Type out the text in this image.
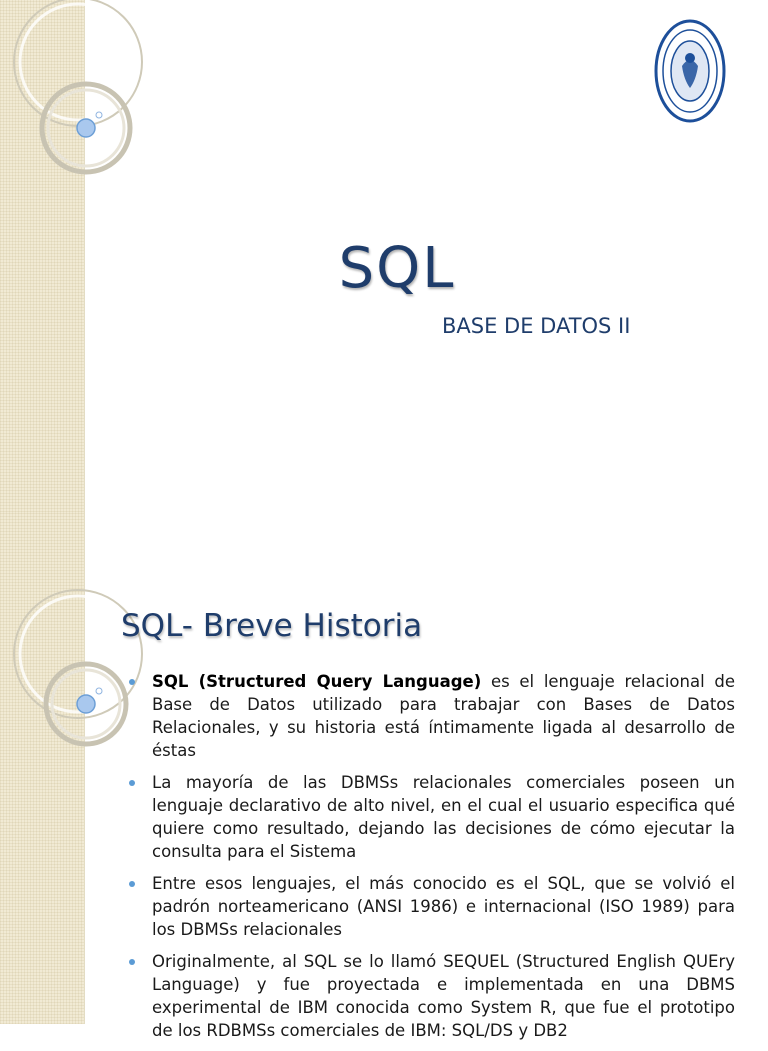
SQL
BASE DE DATOS II
SQL- Breve Historia
SQL (Structured Query Language) es el lenguaje relacional de Base de Datos utilizado para trabajar con Bases de Datos Relacionales, y su historia está íntimamente ligada al desarrollo de éstas
La mayoría de las DBMSs relacionales comerciales poseen un lenguaje declarativo de alto nivel, en el cual el usuario especifica qué quiere como resultado, dejando las decisiones de cómo ejecutar la consulta para el Sistema
Entre esos lenguajes, el más conocido es el SQL, que se volvió el padrón norteamericano (ANSI 1986) e internacional (ISO 1989) para los DBMSs relacionales
Originalmente, al SQL se lo llamó SEQUEL (Structured English QUEry Language) y fue proyectada e implementada en una DBMS experimental de IBM conocida como System R, que fue el prototipo de los RDBMSs comerciales de IBM: SQL/DS y DB2
